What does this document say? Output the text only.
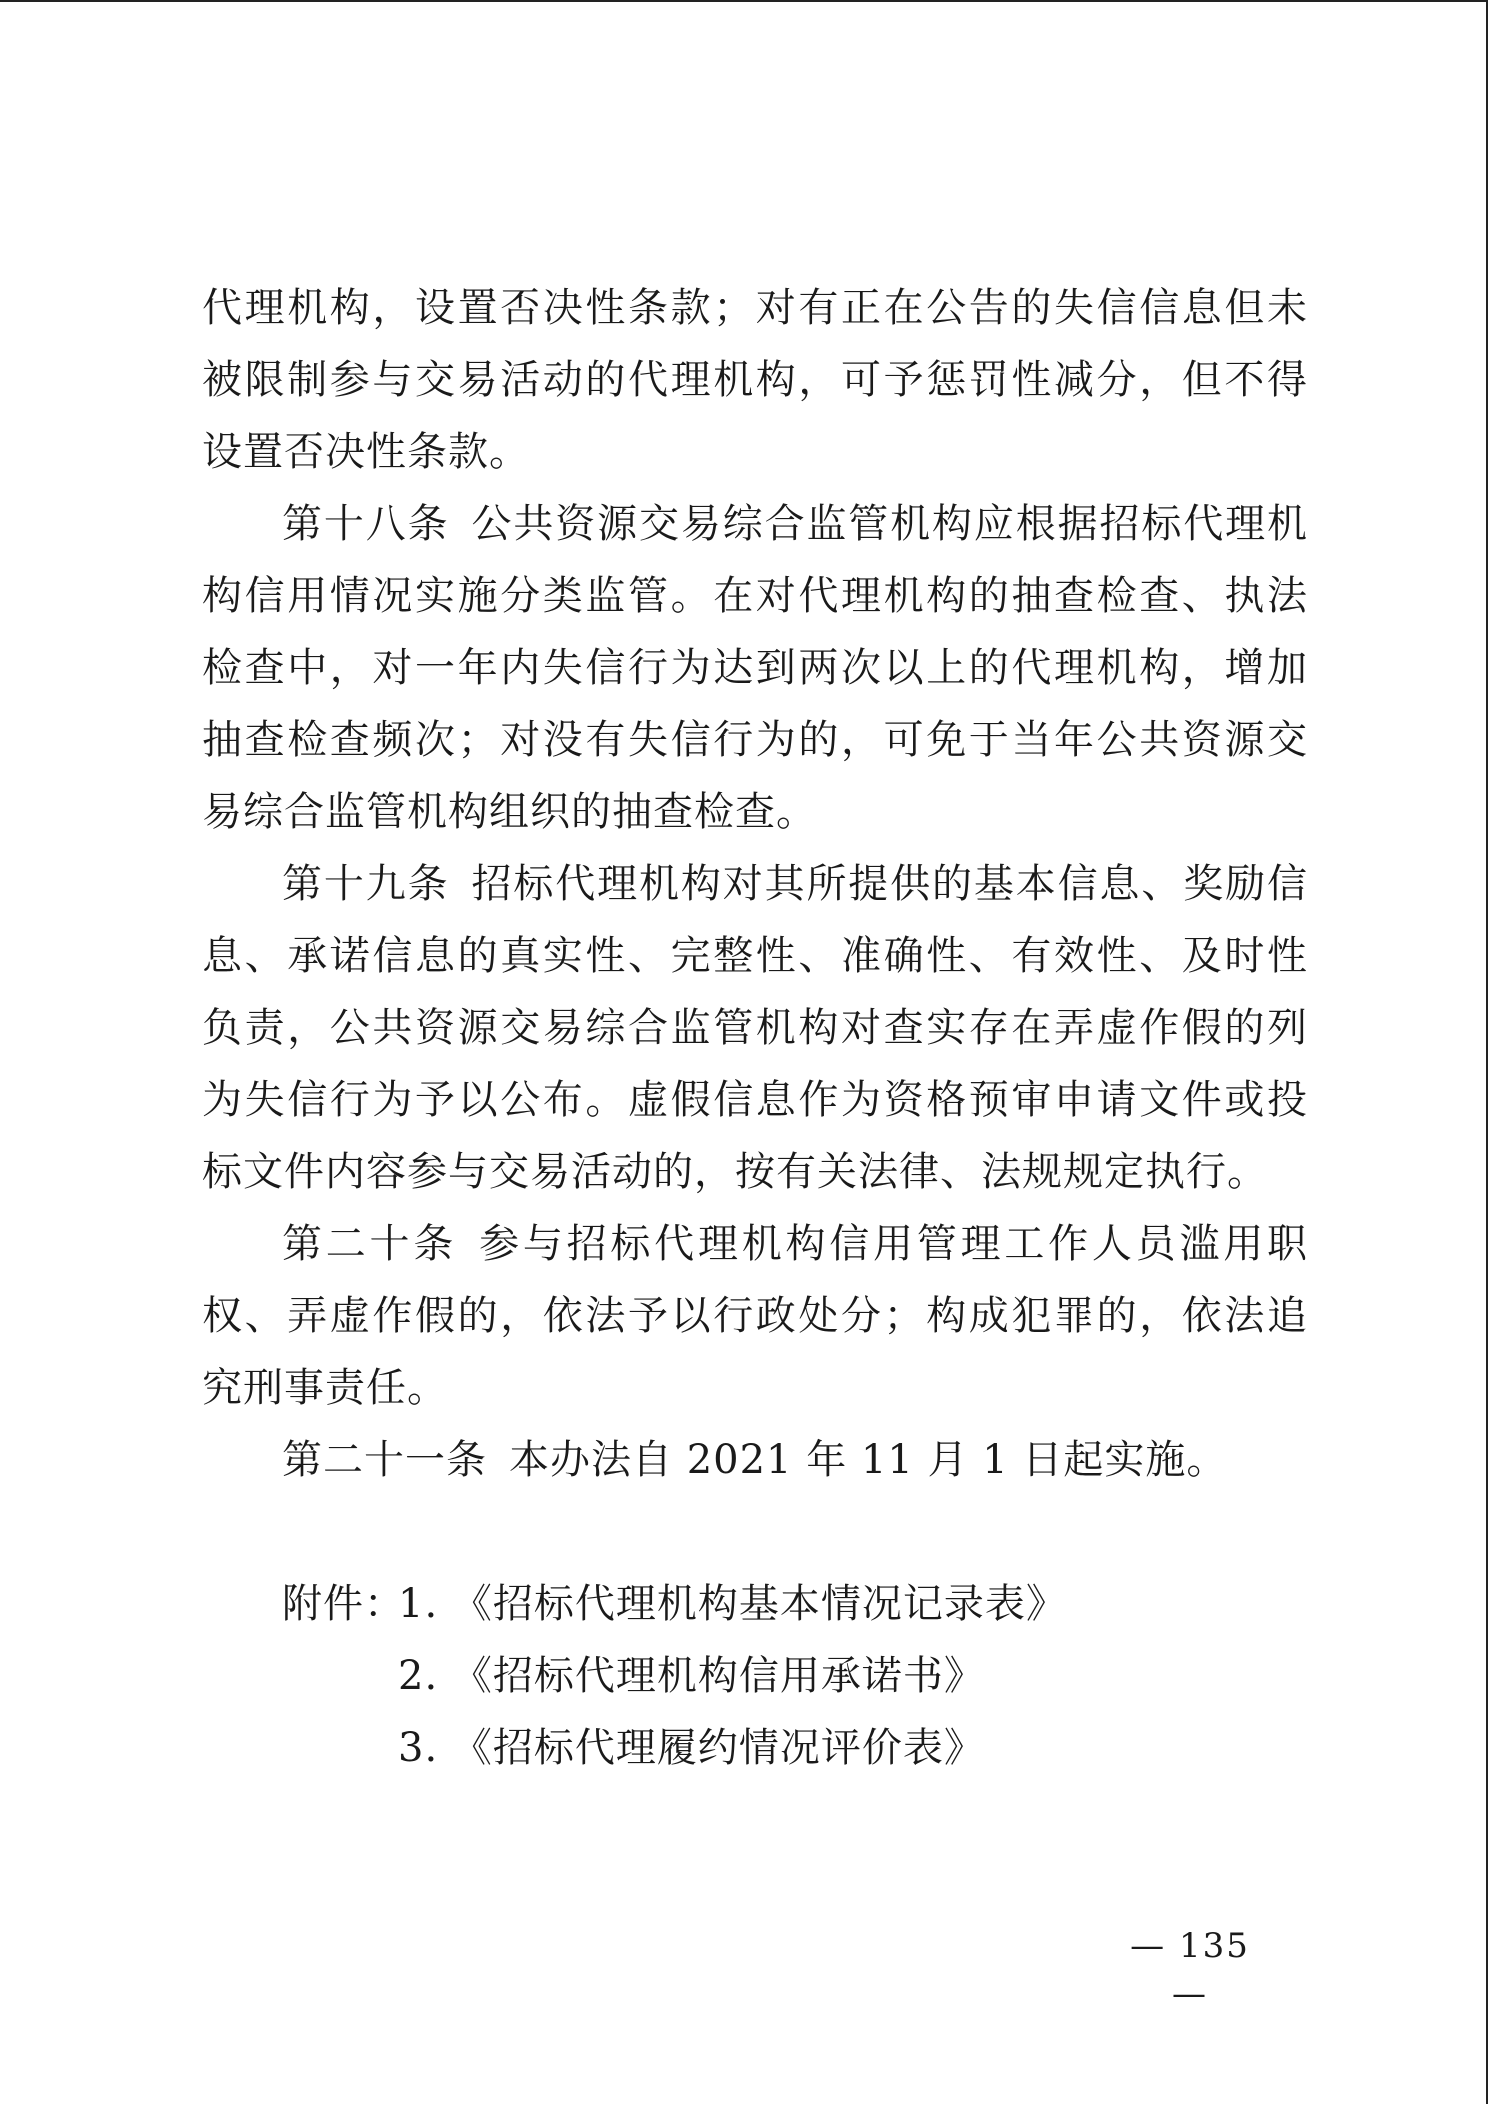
代理机构，设置否决性条款；对有正在公告的失信信息但未被限制参与交易活动的代理机构，可予惩罚性减分，但不得设置否决性条款。

第十八条 公共资源交易综合监管机构应根据招标代理机构信用情况实施分类监管。在对代理机构的抽查检查、执法检查中，对一年内失信行为达到两次以上的代理机构，增加抽查检查频次；对没有失信行为的，可免于当年公共资源交易综合监管机构组织的抽查检查。

第十九条 招标代理机构对其所提供的基本信息、奖励信息、承诺信息的真实性、完整性、准确性、有效性、及时性负责，公共资源交易综合监管机构对查实存在弄虚作假的列为失信行为予以公布。虚假信息作为资格预审申请文件或投标文件内容参与交易活动的，按有关法律、法规规定执行。

第二十条 参与招标代理机构信用管理工作人员滥用职权、弄虚作假的，依法予以行政处分；构成犯罪的，依法追究刑事责任。

第二十一条 本办法自 2021 年 11 月 1 日起实施。

附件：1. 《招标代理机构基本情况记录表》
2. 《招标代理机构信用承诺书》
3. 《招标代理履约情况评价表》
— 135 —
